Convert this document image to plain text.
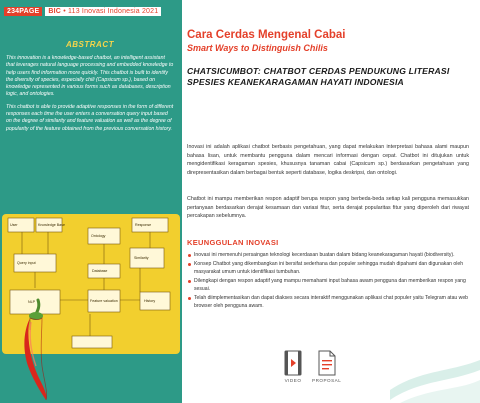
234PAGE	BIC • 113 Inovasi Indonesia 2021
ABSTRACT

This innovation is a knowledge-based chatbot, an intelligent assistant that leverages natural language processing and embedded knowledge to help users find information more quickly. This chatbot is built to identify the diversity of species, especially chili (Capsicum sp.), based on knowledge represented in various forms such as databases, description logic, and ontologies.

This chatbot is able to provide adaptive responses in the form of different responses each time the user enters a conversation query input based on the degree of similarity and feature valuation as well as the degree of popularity of the feature obtained from the previous conversation history.

User	Knowledge Base
Query input
NLP
Ontology
Database
Feature valuation
Response
Similarity
History
Cara Cerdas Mengenal Cabai
Smart Ways to Distinguish Chilis
CHATSICUMBOT: CHATBOT CERDAS PENDUKUNG LITERASI SPESIES KEANEKARAGAMAN HAYATI INDONESIA

Inovasi ini adalah aplikasi chatbot berbasis pengetahuan, yang dapat melakukan interpretasi bahasa alami maupun bahasa lisan, untuk membantu pengguna dalam mencari informasi dengan cepat. Chatbot ini ditujukan untuk mengidentifikasi keragaman spesies, khususnya tanaman cabai (Capsicum sp.) berdasarkan pengetahuan yang direpresentasikan dalam berbagai bentuk seperti database, logika deskripsi, dan ontologi.

Chatbot ini mampu memberikan respon adaptif berupa respon yang berbeda-beda setiap kali pengguna memasukkan pertanyaan berdasarkan derajat kesamaan dan variasi fitur, serta derajat popularitas fitur yang diperoleh dari riwayat percakapan sebelumnya.

KEUNGGULAN INOVASI
Inovasi ini memenuhi persaingan teknologi kecerdasan buatan dalam bidang keanekaragaman hayati (biodiversity).
Konsep Chatbot yang dikembangkan ini bersifat sederhana dan populer sehingga mudah dipahami dan digunakan oleh masyarakat umum untuk identifikasi tumbuhan.
Dilengkapi dengan respon adaptif yang mampu memahami input bahasa awam pengguna dan memberikan respon yang sesuai.
Telah diimplementasikan dan dapat diakses secara interaktif menggunakan aplikasi chat populer yaitu Telegram atau web browser oleh pengguna awam.
VIDEO PROPOSAL
